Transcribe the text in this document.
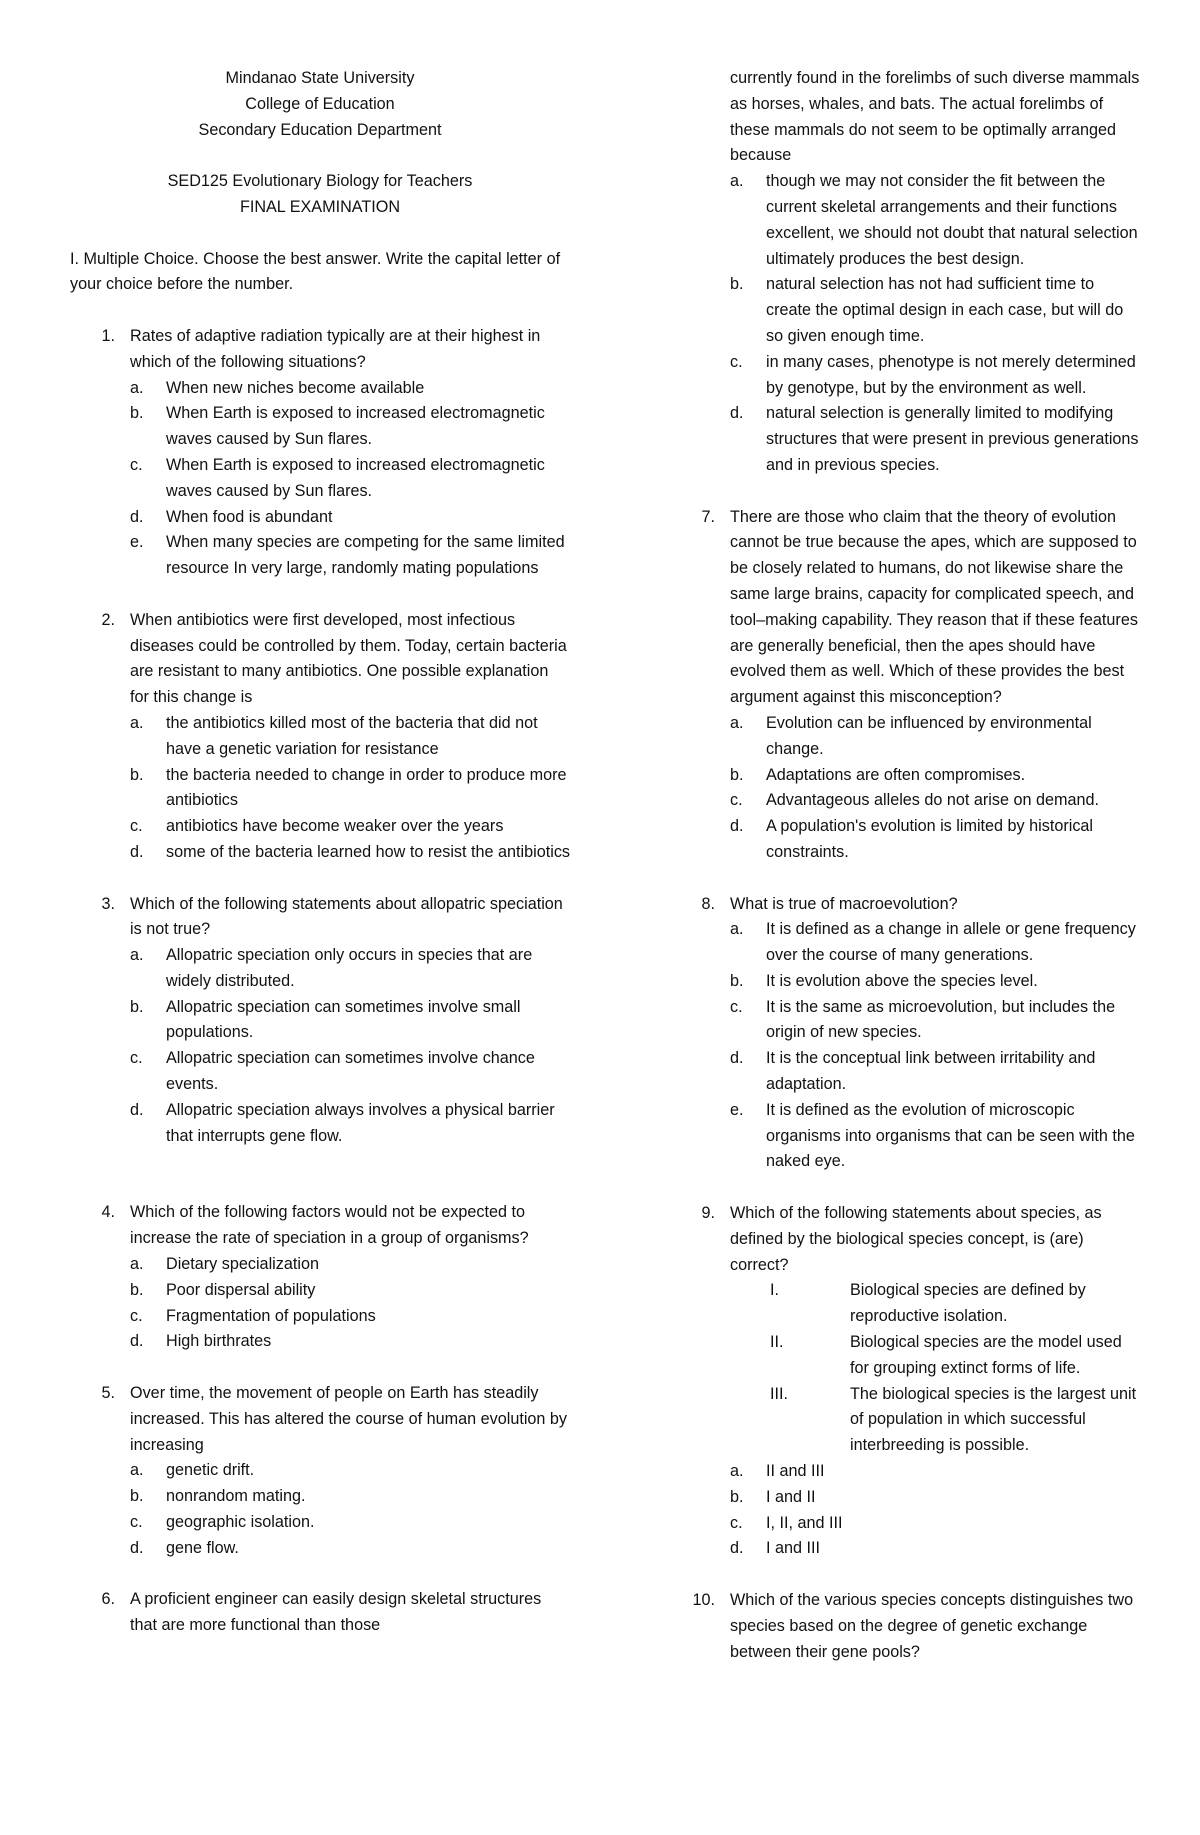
Mindanao State University
College of Education
Secondary Education Department
SED125 Evolutionary Biology for Teachers
FINAL EXAMINATION
I. Multiple Choice. Choose the best answer. Write the capital letter of your choice before the number.
1. Rates of adaptive radiation typically are at their highest in which of the following situations?
a.	When new niches become available
b.	When Earth is exposed to increased electromagnetic waves caused by Sun flares.
c.	When Earth is exposed to increased electromagnetic waves caused by Sun flares.
d.	When food is abundant
e.	When many species are competing for the same limited resource In very large, randomly mating populations
2. When antibiotics were first developed, most infectious diseases could be controlled by them. Today, certain bacteria are resistant to many antibiotics. One possible explanation for this change is
a.	the antibiotics killed most of the bacteria that did not have a genetic variation for resistance
b.	the bacteria needed to change in order to produce more antibiotics
c.	antibiotics have become weaker over the years
d.	some of the bacteria learned how to resist the antibiotics
3. Which of the following statements about allopatric speciation is not true?
a.	Allopatric speciation only occurs in species that are widely distributed.
b.	Allopatric speciation can sometimes involve small populations.
c.	Allopatric speciation can sometimes involve chance events.
d.	Allopatric speciation always involves a physical barrier that interrupts gene flow.
4. Which of the following factors would not be expected to increase the rate of speciation in a group of organisms?
a.	Dietary specialization
b.	Poor dispersal ability
c.	Fragmentation of populations
d.	High birthrates
5. Over time, the movement of people on Earth has steadily increased. This has altered the course of human evolution by increasing
a.	genetic drift.
b.	nonrandom mating.
c.	geographic isolation.
d.	gene flow.
6. A proficient engineer can easily design skeletal structures that are more functional than those
currently found in the forelimbs of such diverse mammals as horses, whales, and bats. The actual forelimbs of these mammals do not seem to be optimally arranged because
a.	though we may not consider the fit between the current skeletal arrangements and their functions excellent, we should not doubt that natural selection ultimately produces the best design.
b.	natural selection has not had sufficient time to create the optimal design in each case, but will do so given enough time.
c.	in many cases, phenotype is not merely determined by genotype, but by the environment as well.
d.	natural selection is generally limited to modifying structures that were present in previous generations and in previous species.
7. There are those who claim that the theory of evolution cannot be true because the apes, which are supposed to be closely related to humans, do not likewise share the same large brains, capacity for complicated speech, and tool–making capability. They reason that if these features are generally beneficial, then the apes should have evolved them as well. Which of these provides the best argument against this misconception?
a.	Evolution can be influenced by environmental change.
b.	Adaptations are often compromises.
c.	Advantageous alleles do not arise on demand.
d.	A population's evolution is limited by historical constraints.
8. What is true of macroevolution?
a.	It is defined as a change in allele or gene frequency over the course of many generations.
b.	It is evolution above the species level.
c.	It is the same as microevolution, but includes the origin of new species.
d.	It is the conceptual link between irritability and adaptation.
e.	It is defined as the evolution of microscopic organisms into organisms that can be seen with the naked eye.
9. Which of the following statements about species, as defined by the biological species concept, is (are) correct?
I.	Biological species are defined by reproductive isolation.
II.	Biological species are the model used for grouping extinct forms of life.
III.	The biological species is the largest unit of population in which successful interbreeding is possible.
a.	II and III
b.	I and II
c.	I, II, and III
d.	I and III
10. Which of the various species concepts distinguishes two species based on the degree of genetic exchange between their gene pools?
